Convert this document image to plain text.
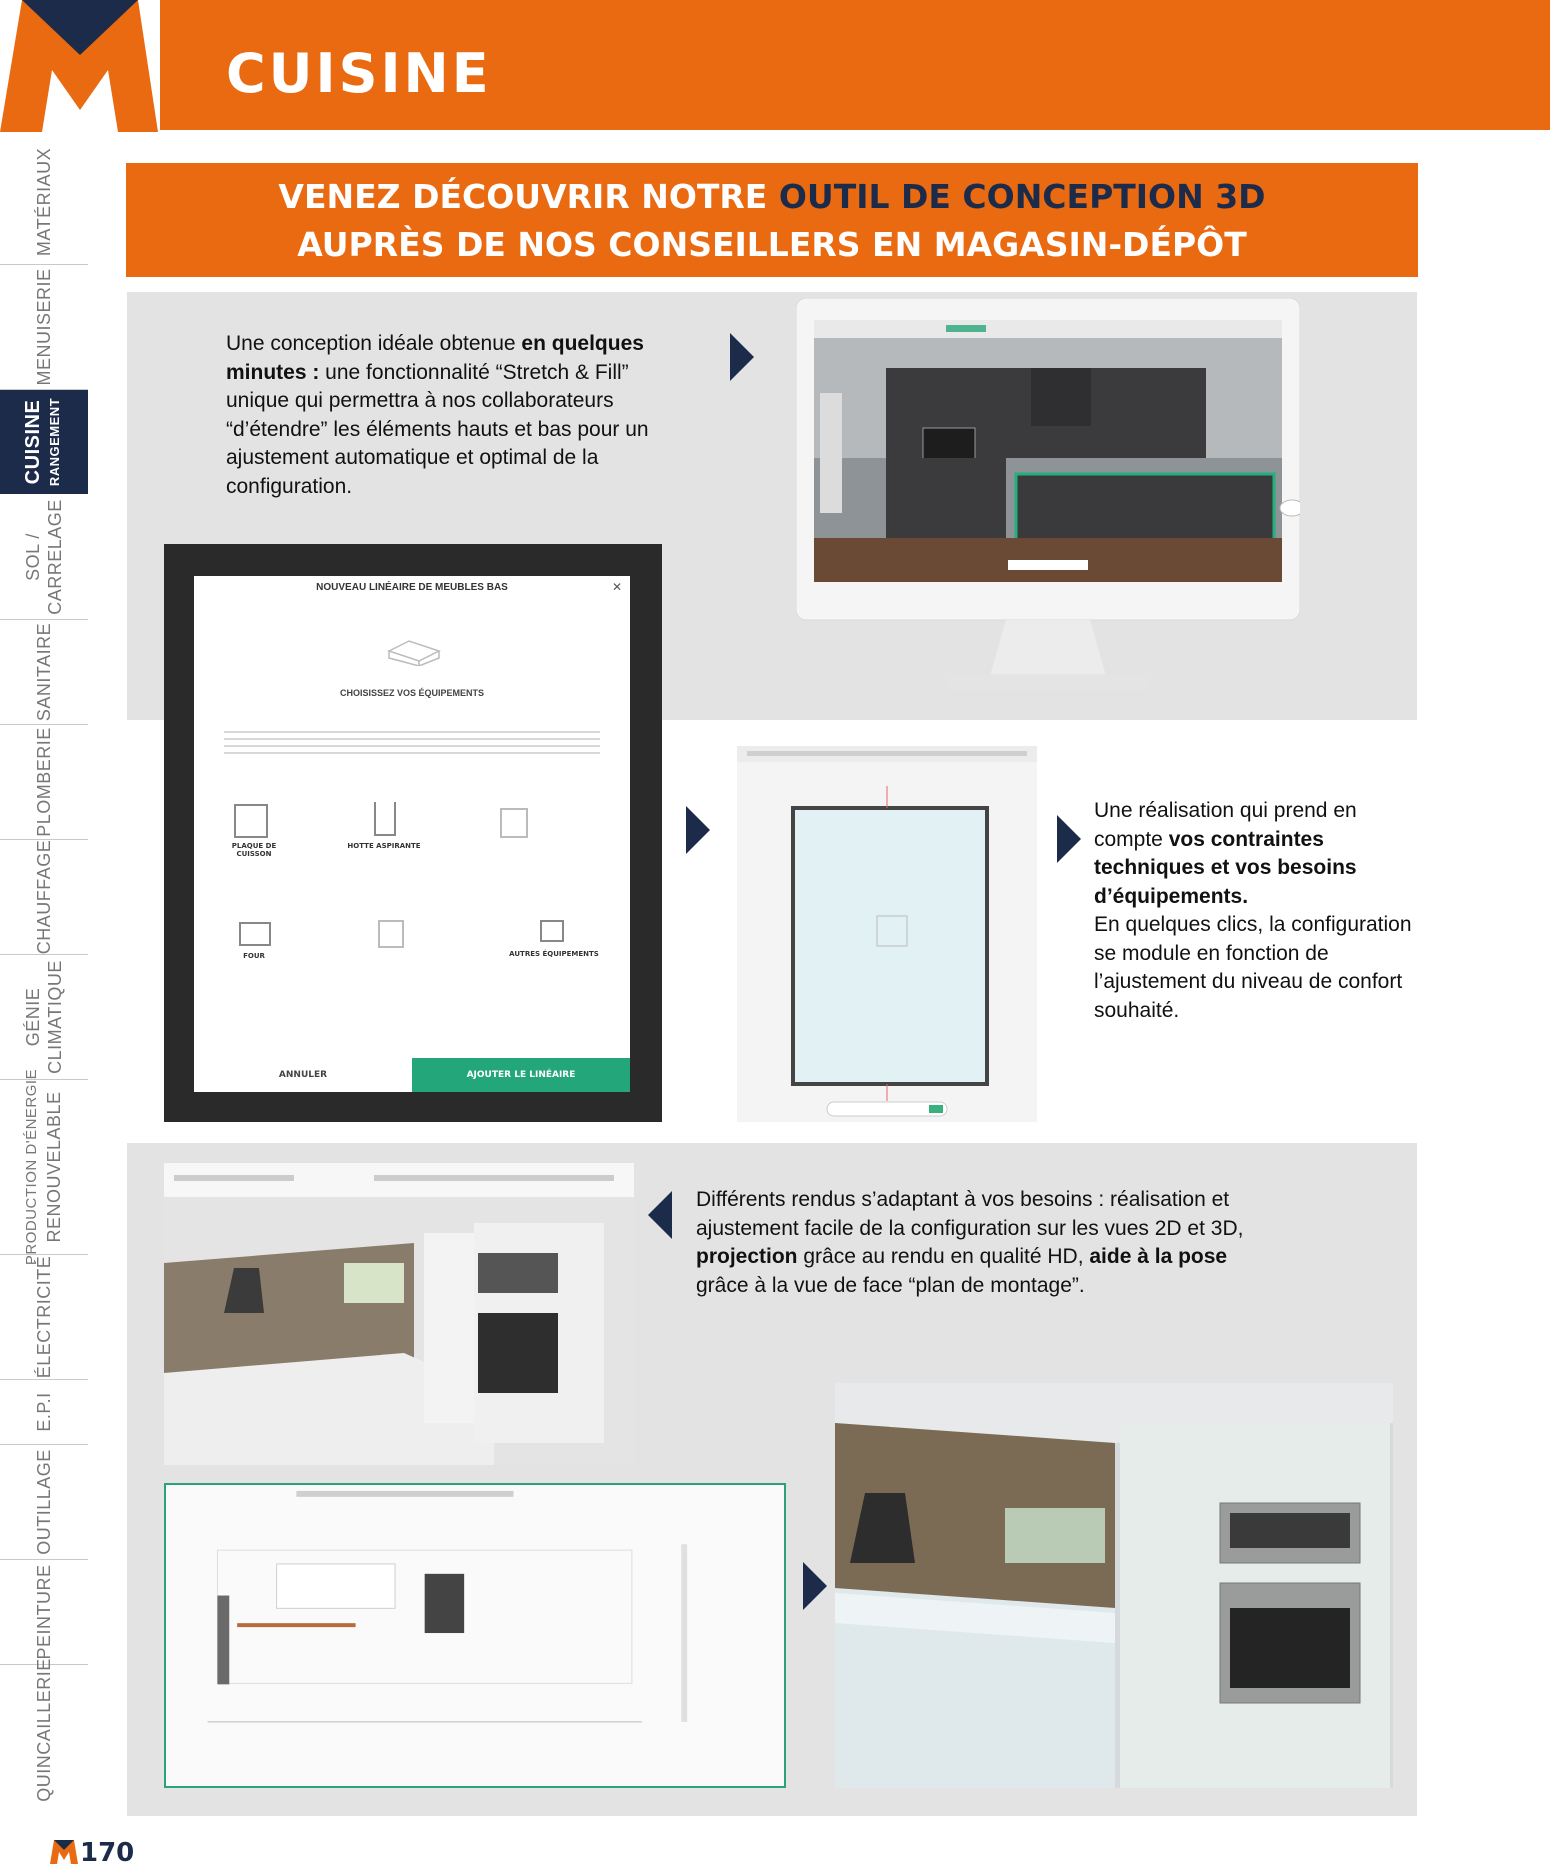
CUISINE
MATÉRIAUX
MENUISERIE
CUISINE RANGEMENT
SOL / CARRELAGE
SANITAIRE
PLOMBERIE
CHAUFFAGE
GÉNIE CLIMATIQUE
PRODUCTION D'ÉNERGIE RENOUVELABLE
ÉLECTRICITÉ
E.P.I
OUTILLAGE
PEINTURE
QUINCAILLERIE
VENEZ DÉCOUVRIR NOTRE OUTIL DE CONCEPTION 3D
AUPRÈS DE NOS CONSEILLERS EN MAGASIN-DÉPÔT
Une conception idéale obtenue en quelques minutes : une fonctionnalité “Stretch & Fill” unique qui permettra à nos collaborateurs “d’étendre” les éléments hauts et bas pour un ajustement automatique et optimal de la configuration.
NOUVEAU LINÉAIRE DE MEUBLES BAS	✕
CHOISISSEZ VOS ÉQUIPEMENTS
PLAQUE DE CUISSON
HOTTE ASPIRANTE
FOUR	AUTRES ÉQUIPEMENTS
ANNULER	AJOUTER LE LINÉAIRE
Une réalisation qui prend en compte vos contraintes techniques et vos besoins d’équipements.
En quelques clics, la configuration se module en fonction de l’ajustement du niveau de confort souhaité.
Différents rendus s’adaptant à vos besoins : réalisation et ajustement facile de la configuration sur les vues 2D et 3D, projection grâce au rendu en qualité HD, aide à la pose grâce à la vue de face “plan de montage”.
170
